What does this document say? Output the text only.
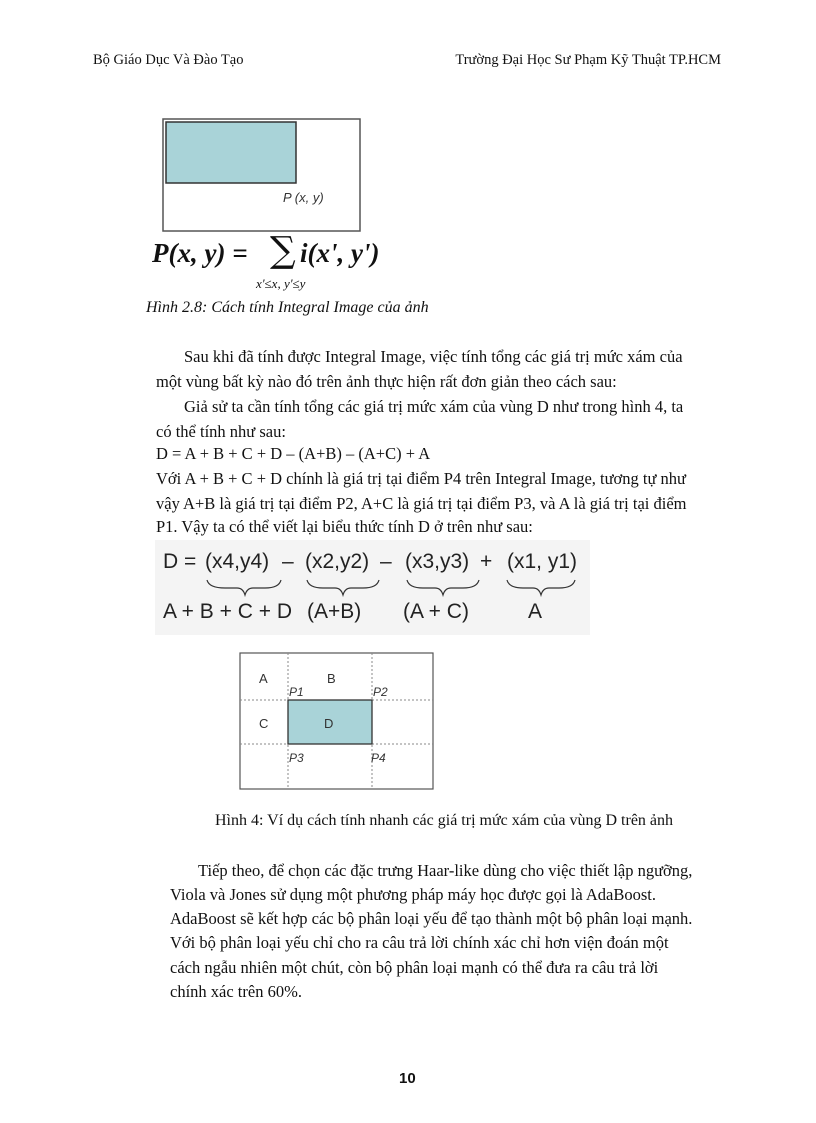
Bộ Giáo Dục Và Đào Tạo	Trường Đại Học Sư Phạm Kỹ Thuật TP.HCM
P (x, y)
P(x, y) = ∑ i(x', y')
x'≤x, y'≤y
Hình 2.8: Cách tính Integral Image của ảnh
Sau khi đã tính được Integral Image, việc tính tổng các giá trị mức xám của
một vùng bất kỳ nào đó trên ảnh thực hiện rất đơn giản theo cách sau:
Giả sử ta cần tính tổng các giá trị mức xám của vùng D như trong hình 4, ta
có thể tính như sau:
D = A + B + C + D – (A+B) – (A+C) + A
Với A + B + C + D chính là giá trị tại điểm P4 trên Integral Image, tương tự như
vậy A+B là giá trị tại điểm P2, A+C là giá trị tại điểm P3, và A là giá trị tại điểm
P1. Vậy ta có thể viết lại biểu thức tính D ở trên như sau:
D = (x4,y4) – (x2,y2) – (x3,y3) + (x1, y1)
A + B + C + D (A+B) (A + C)	A
A	B
C	D
P1	P2
P3	P4
Hình 4: Ví dụ cách tính nhanh các giá trị mức xám của vùng D trên ảnh
Tiếp theo, để chọn các đặc trưng Haar-like dùng cho việc thiết lập ngưỡng,
Viola và Jones sử dụng một phương pháp máy học được gọi là AdaBoost.
AdaBoost sẽ kết hợp các bộ phân loại yếu để tạo thành một bộ phân loại mạnh.
Với bộ phân loại yếu chỉ cho ra câu trả lời chính xác chỉ hơn viện đoán một
cách ngẫu nhiên một chút, còn bộ phân loại mạnh có thể đưa ra câu trả lời
chính xác trên 60%.
10
